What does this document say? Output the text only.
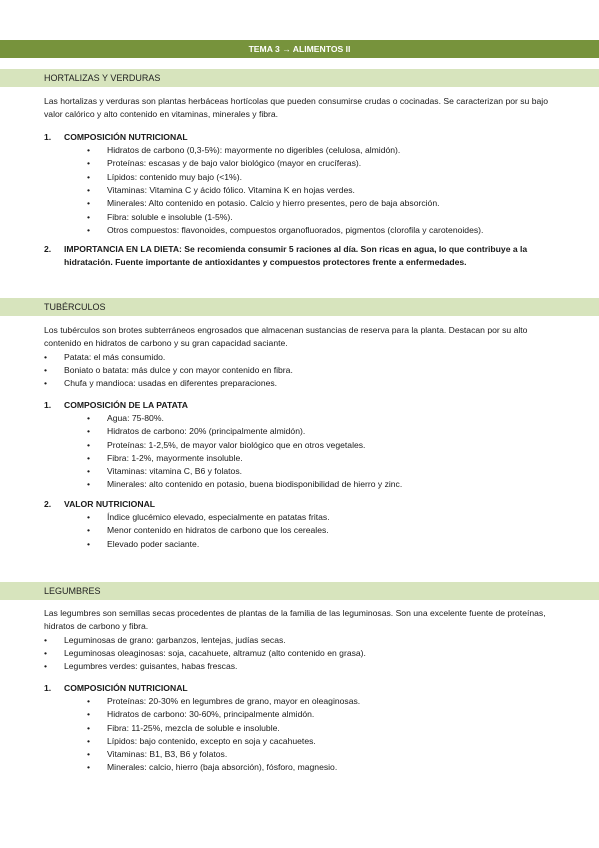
TEMA 3 → ALIMENTOS II
HORTALIZAS Y VERDURAS

Las hortalizas y verduras son plantas herbáceas hortícolas que pueden consumirse crudas o cocinadas. Se caracterizan por su bajo valor calórico y alto contenido en vitaminas, minerales y fibra.

1. COMPOSICIÓN NUTRICIONAL
• Hidratos de carbono (0,3-5%): mayormente no digeribles (celulosa, almidón).
• Proteínas: escasas y de bajo valor biológico (mayor en crucíferas).
• Lípidos: contenido muy bajo (<1%).
• Vitaminas: Vitamina C y ácido fólico. Vitamina K en hojas verdes.
• Minerales: Alto contenido en potasio. Calcio y hierro presentes, pero de baja absorción.
• Fibra: soluble e insoluble (1-5%).
• Otros compuestos: flavonoides, compuestos organofluorados, pigmentos (clorofila y carotenoides).
2. IMPORTANCIA EN LA DIETA: Se recomienda consumir 5 raciones al día. Son ricas en agua, lo que contribuye a la hidratación. Fuente importante de antioxidantes y compuestos protectores frente a enfermedades.
TUBÉRCULOS

Los tubérculos son brotes subterráneos engrosados que almacenan sustancias de reserva para la planta. Destacan por su alto contenido en hidratos de carbono y su gran capacidad saciante.

• Patata: el más consumido.
• Boniato o batata: más dulce y con mayor contenido en fibra.
• Chufa y mandioca: usadas en diferentes preparaciones.
1. COMPOSICIÓN DE LA PATATA
• Agua: 75-80%.
• Hidratos de carbono: 20% (principalmente almidón).
• Proteínas: 1-2,5%, de mayor valor biológico que en otros vegetales.
• Fibra: 1-2%, mayormente insoluble.
• Vitaminas: vitamina C, B6 y folatos.
• Minerales: alto contenido en potasio, buena biodisponibilidad de hierro y zinc.
2. VALOR NUTRICIONAL
• Índice glucémico elevado, especialmente en patatas fritas.
• Menor contenido en hidratos de carbono que los cereales.
• Elevado poder saciante.
LEGUMBRES

Las legumbres son semillas secas procedentes de plantas de la familia de las leguminosas. Son una excelente fuente de proteínas, hidratos de carbono y fibra.

• Leguminosas de grano: garbanzos, lentejas, judías secas.
• Leguminosas oleaginosas: soja, cacahuete, altramuz (alto contenido en grasa).
• Legumbres verdes: guisantes, habas frescas.
1. COMPOSICIÓN NUTRICIONAL
• Proteínas: 20-30% en legumbres de grano, mayor en oleaginosas.
• Hidratos de carbono: 30-60%, principalmente almidón.
• Fibra: 11-25%, mezcla de soluble e insoluble.
• Lípidos: bajo contenido, excepto en soja y cacahuetes.
• Vitaminas: B1, B3, B6 y folatos.
• Minerales: calcio, hierro (baja absorción), fósforo, magnesio.
